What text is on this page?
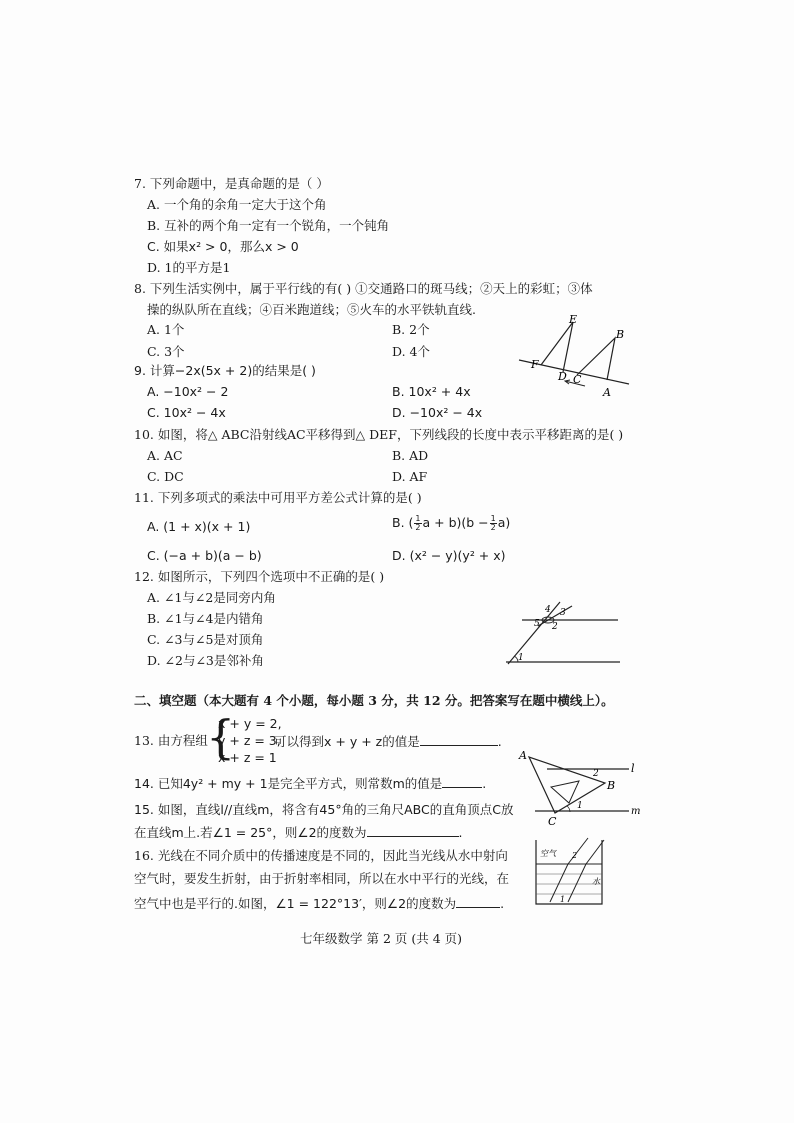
7. 下列命题中，是真命题的是（ ）
A. 一个角的余角一定大于这个角
B. 互补的两个角一定有一个锐角，一个钝角
C. 如果x² > 0，那么x > 0
D. 1的平方是1
8. 下列生活实例中，属于平行线的有( ) ①交通路口的斑马线；②天上的彩虹；③体
操的纵队所在直线；④百米跑道线；⑤火车的水平铁轨直线.
A. 1个	B. 2个
C. 3个	D. 4个
E
B
F
D C
A
9. 计算−2x(5x + 2)的结果是( )
A. −10x² − 2	B. 10x² + 4x
C. 10x² − 4x	D. −10x² − 4x
10. 如图，将△ ABC沿射线AC平移得到△ DEF，下列线段的长度中表示平移距离的是( )
A. AC	B. AD
C. DC	D. AF
11. 下列多项式的乘法中可用平方差公式计算的是( )
A. (1 + x)(x + 1)	B. ( $\frac{1}{2}$ $a + b)(b - \frac{1}{2} a)$
C. (−a + b)(a − b)	D. (x² − y)(y² + x)
12. 如图所示，下列四个选项中不正确的是( )
A. ∠1与∠2是同旁内角
B. ∠1与∠4是内错角
C. ∠3与∠5是对顶角
D. ∠2与∠3是邻补角	1
2
3
4
5
二、填空题（本大题有 4 个小题，每小题 3 分，共 12 分。把答案写在题中横线上）。
13. 由方程组
{
x + y = 2,
y + z = 3,
x + z = 1
可以得到x + y + z的值是	.
14. 已知4y² + my + 1是完全平方式，则常数m的值是	.
A
B
C
l
m
1
2
15. 如图，直线l//直线m，将含有45°角的三角尺ABC的直角顶点C放
在直线m上.若∠1 = 25°，则∠2的度数为	.
空气
水
1
2
16. 光线在不同介质中的传播速度是不同的，因此当光线从水中射向
空气时，要发生折射，由于折射率相同，所以在水中平行的光线，在
空气中也是平行的.如图，∠1 = 122°13′，则∠2的度数为	.
七年级数学 第 2 页 (共 4 页)
